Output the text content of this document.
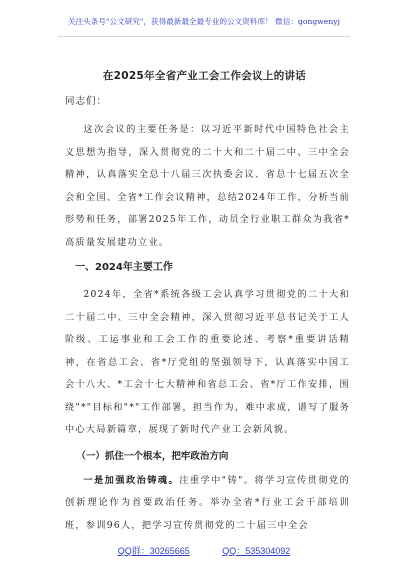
关注头条号"公文研究"，获得最新最全最专业的公文资料库！ 微信：gongwenyj
在2025年全省产业工会工作会议上的讲话
同志们：

这次会议的主要任务是：以习近平新时代中国特色社会主义思想为指导，深入贯彻党的二十大和二十届二中、三中全会精神，认真落实全总十八届三次执委会议、省总十七届五次全会和全国、全省*工作会议精神，总结2024年工作，分析当前形势和任务，部署2025年工作，动员全行业职工群众为我省*高质量发展建功立业。

一、2024年主要工作

2024年，全省*系统各级工会认真学习贯彻党的二十大和二十届二中、三中全会精神，深入贯彻习近平总书记关于工人阶级、工运事业和工会工作的重要论述、考察*重要讲话精神，在省总工会、省*厅党组的坚强领导下，认真落实中国工会十八大、*工会十七大精神和省总工会、省*厅工作安排，围绕"*"目标和"*"工作部署，担当作为，难中求成，谱写了服务中心大局新篇章，展现了新时代产业工会新风貌。

（一）抓住一个根本，把牢政治方向

一是加强政治铸魂。注重学中"铸"。将学习宣传贯彻党的创新理论作为首要政治任务。举办全省*行业工会干部培训班，参训96人，把学习宣传贯彻党的二十届三中全会

QQ群：30265665	QQ：535304092
